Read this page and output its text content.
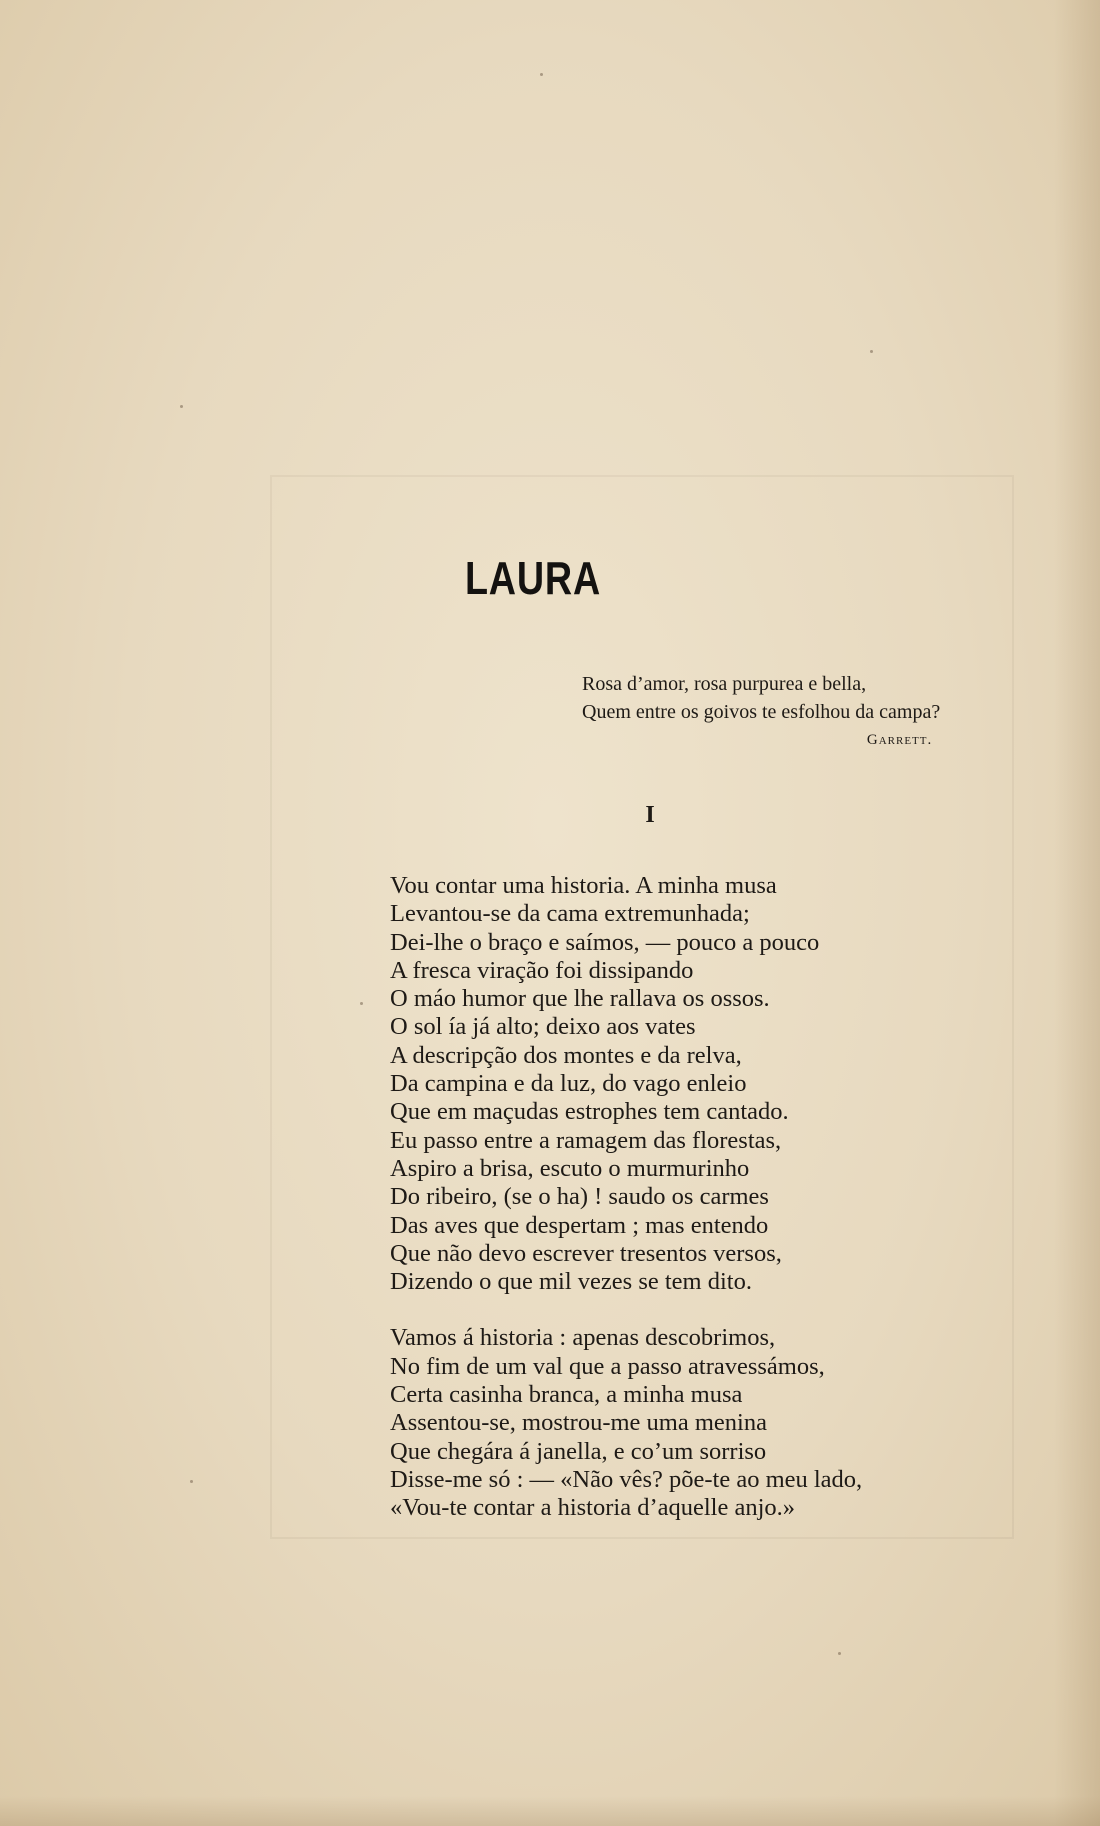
LAURA
Rosa d’amor, rosa purpurea e bella,
Quem entre os goivos te esfolhou da campa?
Garrett.
I
Vou contar uma historia. A minha musa
Levantou-se da cama extremunhada;
Dei-lhe o braço e saímos, — pouco a pouco
A fresca viração foi dissipando
O máo humor que lhe rallava os ossos.
O sol ía já alto; deixo aos vates
A descripção dos montes e da relva,
Da campina e da luz, do vago enleio
Que em maçudas estrophes tem cantado.
Eu passo entre a ramagem das florestas,
Aspiro a brisa, escuto o murmurinho
Do ribeiro, (se o ha) ! saudo os carmes
Das aves que despertam ; mas entendo
Que não devo escrever tresentos versos,
Dizendo o que mil vezes se tem dito.
Vamos á historia : apenas descobrimos,
No fim de um val que a passo atravessámos,
Certa casinha branca, a minha musa
Assentou-se, mostrou-me uma menina
Que chegára á janella, e co’um sorriso
Disse-me só : — «Não vês? põe-te ao meu lado,
«Vou-te contar a historia d’aquelle anjo.»
